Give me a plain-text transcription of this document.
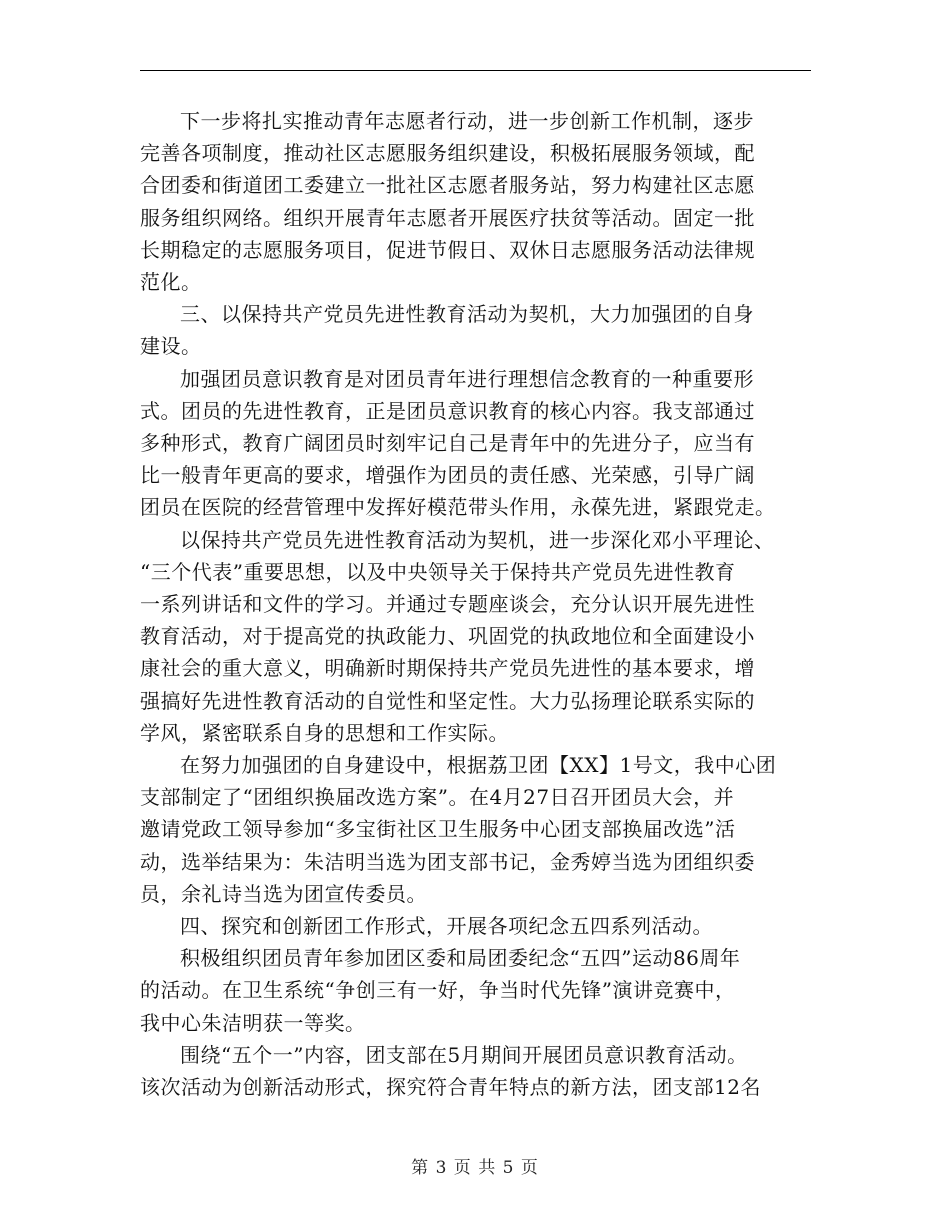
下一步将扎实推动青年志愿者行动，进一步创新工作机制，逐步
完善各项制度，推动社区志愿服务组织建设，积极拓展服务领域，配
合团委和街道团工委建立一批社区志愿者服务站，努力构建社区志愿
服务组织网络。组织开展青年志愿者开展医疗扶贫等活动。固定一批
长期稳定的志愿服务项目，促进节假日、双休日志愿服务活动法律规
范化。

三、以保持共产党员先进性教育活动为契机，大力加强团的自身
建设。

加强团员意识教育是对团员青年进行理想信念教育的一种重要形
式。团员的先进性教育，正是团员意识教育的核心内容。我支部通过
多种形式，教育广阔团员时刻牢记自己是青年中的先进分子，应当有
比一般青年更高的要求，增强作为团员的责任感、光荣感，引导广阔
团员在医院的经营管理中发挥好模范带头作用，永葆先进，紧跟党走。

以保持共产党员先进性教育活动为契机，进一步深化邓小平理论、
“三个代表”重要思想，以及中央领导关于保持共产党员先进性教育
一系列讲话和文件的学习。并通过专题座谈会，充分认识开展先进性
教育活动，对于提高党的执政能力、巩固党的执政地位和全面建设小
康社会的重大意义，明确新时期保持共产党员先进性的基本要求，增
强搞好先进性教育活动的自觉性和坚定性。大力弘扬理论联系实际的
学风，紧密联系自身的思想和工作实际。

在努力加强团的自身建设中，根据荔卫团【XX】1号文，我中心团
支部制定了“团组织换届改选方案”。在4月27日召开团员大会，并
邀请党政工领导参加“多宝街社区卫生服务中心团支部换届改选”活
动，选举结果为：朱洁明当选为团支部书记，金秀婷当选为团组织委
员，余礼诗当选为团宣传委员。

四、探究和创新团工作形式，开展各项纪念五四系列活动。

积极组织团员青年参加团区委和局团委纪念“五四”运动86周年
的活动。在卫生系统“争创三有一好，争当时代先锋”演讲竞赛中，
我中心朱洁明获一等奖。

围绕“五个一”内容，团支部在5月期间开展团员意识教育活动。
该次活动为创新活动形式，探究符合青年特点的新方法，团支部12名

第 3 页 共 5 页
